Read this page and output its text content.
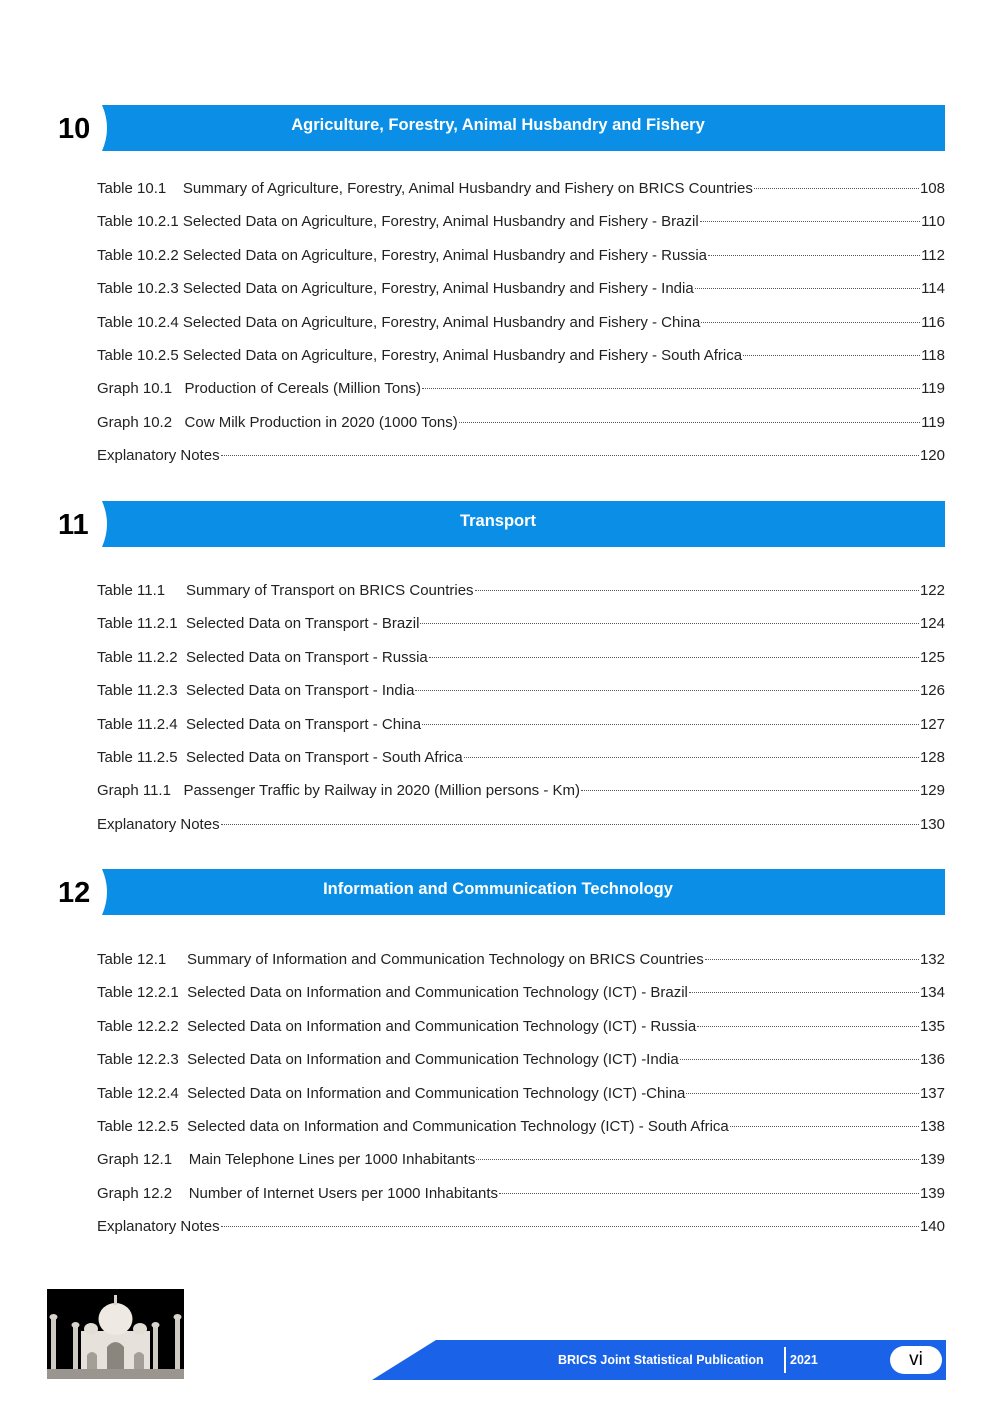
10	Agriculture, Forestry, Animal Husbandry and Fishery
Table 10.1    Summary of Agriculture, Forestry, Animal Husbandry and Fishery on BRICS Countries	108
Table 10.2.1 Selected Data on Agriculture, Forestry, Animal Husbandry and Fishery - Brazil	110
Table 10.2.2 Selected Data on Agriculture, Forestry, Animal Husbandry and Fishery - Russia	112
Table 10.2.3 Selected Data on Agriculture, Forestry, Animal Husbandry and Fishery - India	114
Table 10.2.4 Selected Data on Agriculture, Forestry, Animal Husbandry and Fishery - China	116
Table 10.2.5 Selected Data on Agriculture, Forestry, Animal Husbandry and Fishery - South Africa	118
Graph 10.1   Production of Cereals (Million Tons)	119
Graph 10.2   Cow Milk Production in 2020 (1000 Tons)	119
Explanatory Notes	120
11	Transport
Table 11.1     Summary of Transport on BRICS Countries	122
Table 11.2.1  Selected Data on Transport - Brazil	124
Table 11.2.2  Selected Data on Transport - Russia	125
Table 11.2.3  Selected Data on Transport - India	126
Table 11.2.4  Selected Data on Transport - China	127
Table 11.2.5  Selected Data on Transport - South Africa	128
Graph 11.1   Passenger Traffic by Railway in 2020 (Million persons - Km)	129
Explanatory Notes	130
12	Information and Communication Technology
Table 12.1     Summary of Information and Communication Technology on BRICS Countries	132
Table 12.2.1  Selected Data on Information and Communication Technology (ICT) - Brazil	134
Table 12.2.2  Selected Data on Information and Communication Technology (ICT) - Russia	135
Table 12.2.3  Selected Data on Information and Communication Technology (ICT) -India	136
Table 12.2.4  Selected Data on Information and Communication Technology (ICT) -China	137
Table 12.2.5  Selected data on Information and Communication Technology (ICT) - South Africa	138
Graph 12.1    Main Telephone Lines per 1000 Inhabitants	139
Graph 12.2    Number of Internet Users per 1000 Inhabitants	139
Explanatory Notes	140
BRICS Joint Statistical Publication 2021	vi
